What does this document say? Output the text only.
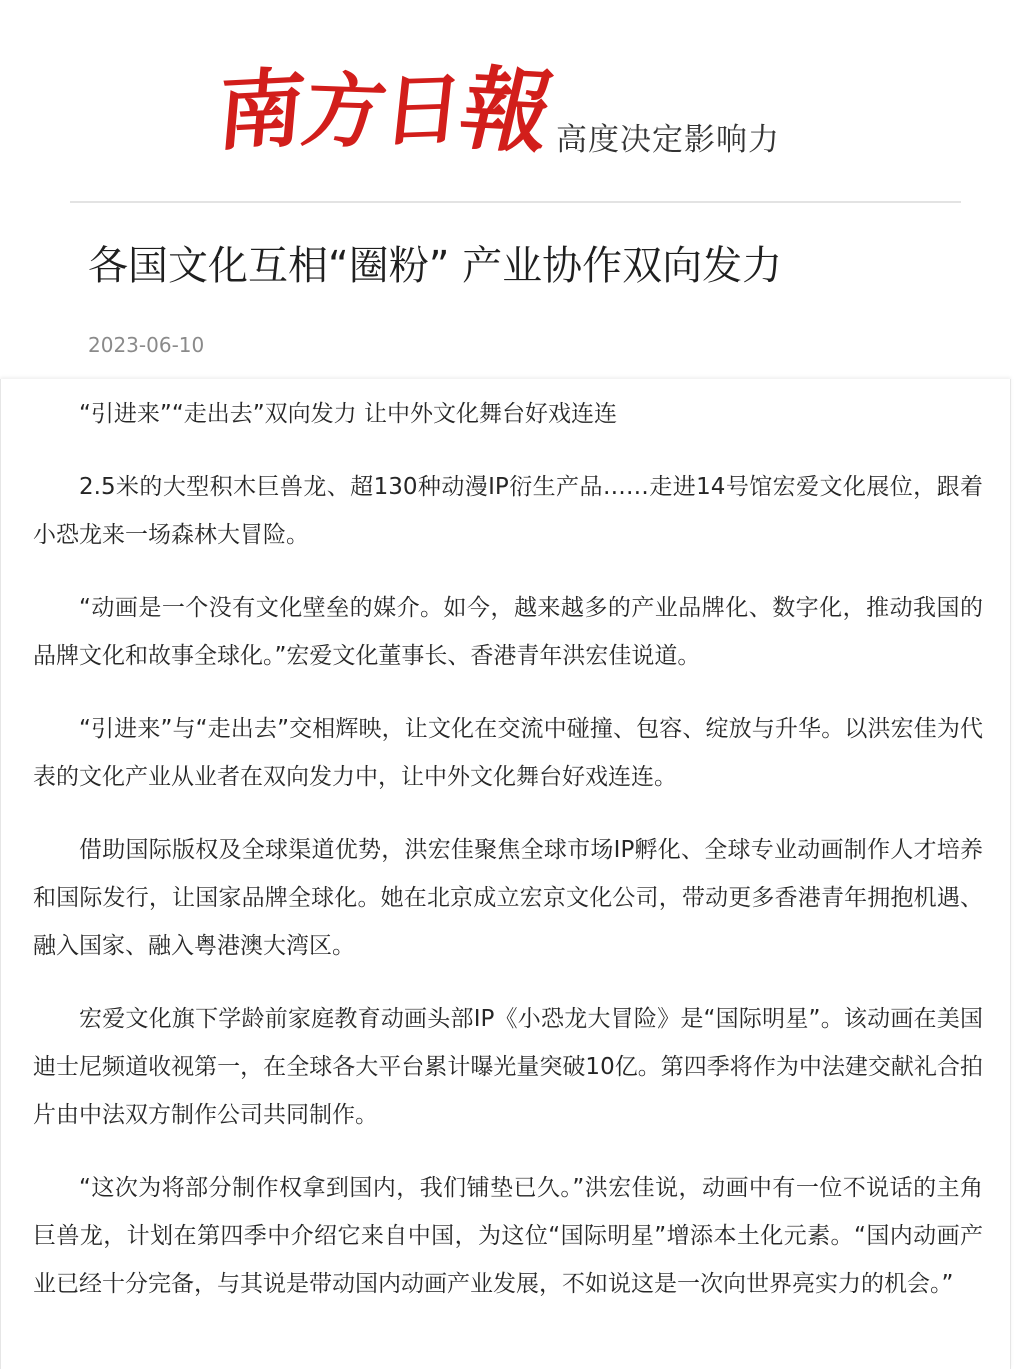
南
方
日
報
高度决定影响力
各国文化互相“圈粉” 产业协作双向发力
2023-06-10

“引进来”“走出去”双向发力 让中外文化舞台好戏连连

2.5米的大型积木巨兽龙、超130种动漫IP衍生产品……走进14号馆宏爱文化展位，跟着小恐龙来一场森林大冒险。

“动画是一个没有文化壁垒的媒介。如今，越来越多的产业品牌化、数字化，推动我国的品牌文化和故事全球化。”宏爱文化董事长、香港青年洪宏佳说道。

“引进来”与“走出去”交相辉映，让文化在交流中碰撞、包容、绽放与升华。以洪宏佳为代表的文化产业从业者在双向发力中，让中外文化舞台好戏连连。

借助国际版权及全球渠道优势，洪宏佳聚焦全球市场IP孵化、全球专业动画制作人才培养和国际发行，让国家品牌全球化。她在北京成立宏京文化公司，带动更多香港青年拥抱机遇、融入国家、融入粤港澳大湾区。

宏爱文化旗下学龄前家庭教育动画头部IP《小恐龙大冒险》是“国际明星”。该动画在美国迪士尼频道收视第一，在全球各大平台累计曝光量突破10亿。第四季将作为中法建交献礼合拍片由中法双方制作公司共同制作。

“这次为将部分制作权拿到国内，我们铺垫已久。”洪宏佳说，动画中有一位不说话的主角巨兽龙，计划在第四季中介绍它来自中国，为这位“国际明星”增添本土化元素。“国内动画产业已经十分完备，与其说是带动国内动画产业发展，不如说这是一次向世界亮实力的机会。”
